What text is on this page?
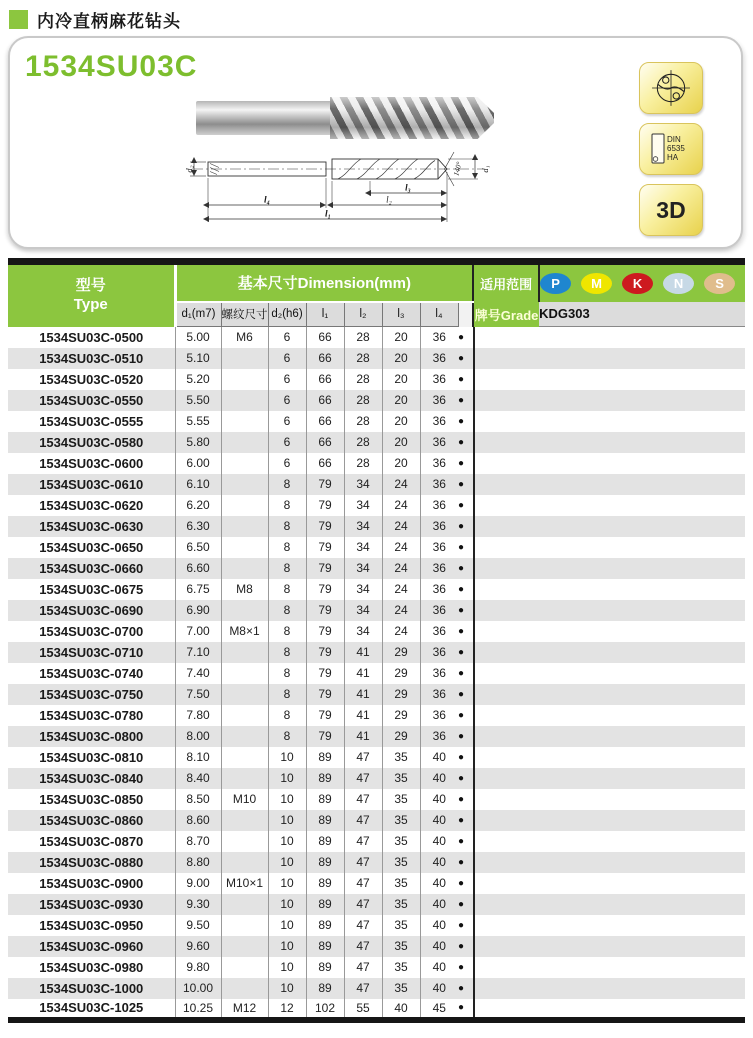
内冷直柄麻花钻头
1534SU03C
d₂	d₁
140°
l₃
l₂
l₄
l₁
DIN
6535
HA
3D
型号
Type
	基本尺寸Dimension(mm)	适用范围	P	M	K	N	S

	d₁(m7)	螺纹尺寸	d₂(h6)	l₁	l₂	l₃	l₄		牌号Grade	KDG303
1534SU03C-0500	5.00	M6	6	66	28	20	36	●		
1534SU03C-0510	5.10		6	66	28	20	36	●		
1534SU03C-0520	5.20		6	66	28	20	36	●		
1534SU03C-0550	5.50		6	66	28	20	36	●		
1534SU03C-0555	5.55		6	66	28	20	36	●		
1534SU03C-0580	5.80		6	66	28	20	36	●		
1534SU03C-0600	6.00		6	66	28	20	36	●		
1534SU03C-0610	6.10		8	79	34	24	36	●		
1534SU03C-0620	6.20		8	79	34	24	36	●		
1534SU03C-0630	6.30		8	79	34	24	36	●		
1534SU03C-0650	6.50		8	79	34	24	36	●		
1534SU03C-0660	6.60		8	79	34	24	36	●		
1534SU03C-0675	6.75	M8	8	79	34	24	36	●		
1534SU03C-0690	6.90		8	79	34	24	36	●		
1534SU03C-0700	7.00	M8×1	8	79	34	24	36	●		
1534SU03C-0710	7.10		8	79	41	29	36	●		
1534SU03C-0740	7.40		8	79	41	29	36	●		
1534SU03C-0750	7.50		8	79	41	29	36	●		
1534SU03C-0780	7.80		8	79	41	29	36	●		
1534SU03C-0800	8.00		8	79	41	29	36	●		
1534SU03C-0810	8.10		10	89	47	35	40	●		
1534SU03C-0840	8.40		10	89	47	35	40	●		
1534SU03C-0850	8.50	M10	10	89	47	35	40	●		
1534SU03C-0860	8.60		10	89	47	35	40	●		
1534SU03C-0870	8.70		10	89	47	35	40	●		
1534SU03C-0880	8.80		10	89	47	35	40	●		
1534SU03C-0900	9.00	M10×1	10	89	47	35	40	●		
1534SU03C-0930	9.30		10	89	47	35	40	●		
1534SU03C-0950	9.50		10	89	47	35	40	●		
1534SU03C-0960	9.60		10	89	47	35	40	●		
1534SU03C-0980	9.80		10	89	47	35	40	●		
1534SU03C-1000	10.00		10	89	47	35	40	●		
1534SU03C-1025	10.25	M12	12	102	55	40	45	●		
